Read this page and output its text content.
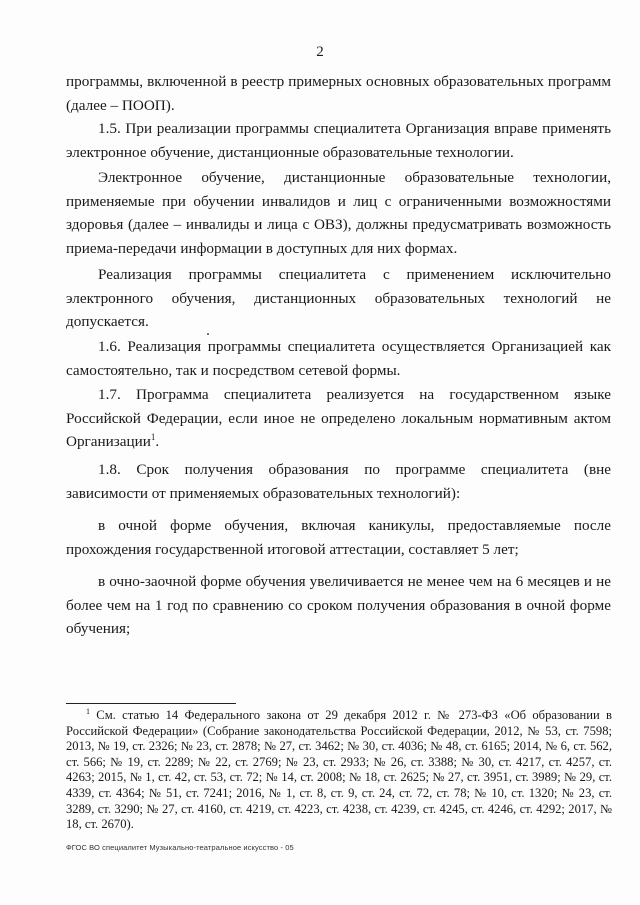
2

программы, включенной в реестр примерных основных образовательных программ (далее – ПООП).

1.5. При реализации программы специалитета Организация вправе применять электронное обучение, дистанционные образовательные технологии.

Электронное обучение, дистанционные образовательные технологии, применяемые при обучении инвалидов и лиц с ограниченными возможностями здоровья (далее – инвалиды и лица с ОВЗ), должны предусматривать возможность приема-передачи информации в доступных для них формах.

Реализация программы специалитета с применением исключительно электронного обучения, дистанционных образовательных технологий не допускается.

1.6. Реализация программы специалитета осуществляется Организацией как самостоятельно, так и посредством сетевой формы.

1.7. Программа специалитета реализуется на государственном языке Российской Федерации, если иное не определено локальным нормативным актом Организации$^1$.

1.8. Срок получения образования по программе специалитета (вне зависимости от применяемых образовательных технологий):

в очной форме обучения, включая каникулы, предоставляемые после прохождения государственной итоговой аттестации, составляет 5 лет;

в очно-заочной форме обучения увеличивается не менее чем на 6 месяцев и не более чем на 1 год по сравнению со сроком получения образования в очной форме обучения;

$^1$ См. статью 14 Федерального закона от 29 декабря 2012 г. № 273-ФЗ «Об образовании в Российской Федерации» (Собрание законодательства Российской Федерации, 2012, № 53, ст. 7598; 2013, № 19, ст. 2326; № 23, ст. 2878; № 27, ст. 3462; № 30, ст. 4036; № 48, ст. 6165; 2014, № 6, ст. 562, ст. 566; № 19, ст. 2289; № 22, ст. 2769; № 23, ст. 2933; № 26, ст. 3388; № 30, ст. 4217, ст. 4257, ст. 4263; 2015, № 1, ст. 42, ст. 53, ст. 72; № 14, ст. 2008; № 18, ст. 2625; № 27, ст. 3951, ст. 3989; № 29, ст. 4339, ст. 4364; № 51, ст. 7241; 2016, № 1, ст. 8, ст. 9, ст. 24, ст. 72, ст. 78; № 10, ст. 1320; № 23, ст. 3289, ст. 3290; № 27, ст. 4160, ст. 4219, ст. 4223, ст. 4238, ст. 4239, ст. 4245, ст. 4246, ст. 4292; 2017, № 18, ст. 2670).

ФГОС ВО специалитет Музыкально-театральное искусство - 05
